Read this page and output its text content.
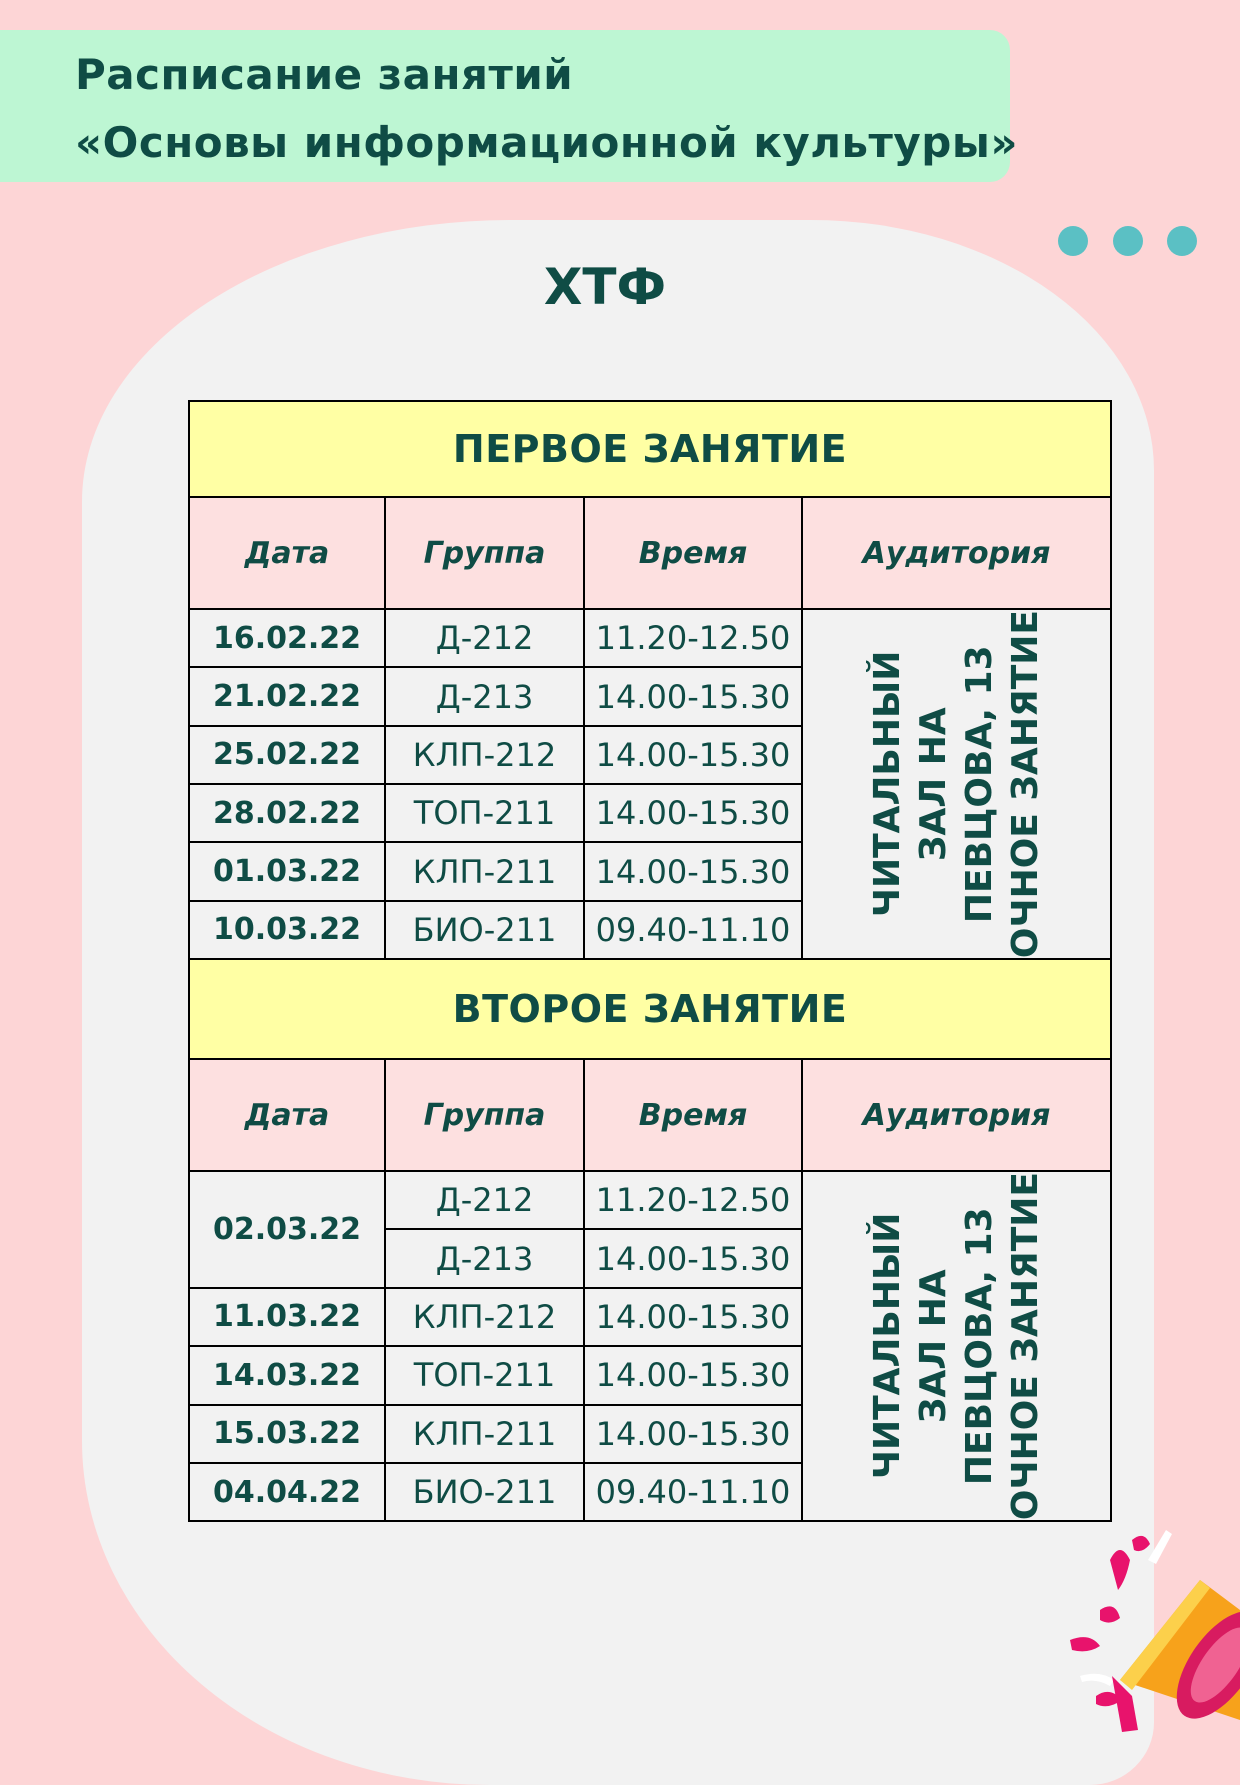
Расписание занятий
«Основы информационной культуры»
ХТФ
ПЕРВОЕ ЗАНЯТИЕ			
Дата	Группа	Время	Аудитория
16.02.22	Д-212	11.20-12.50	ЧИТАЛЬНЫЙ ЗАЛ НА ПЕВЦОВА, 13 ОЧНОЕ ЗАНЯТИЕ

21.02.22	Д-213	14.00-15.30	
25.02.22	КЛП-212	14.00-15.30	
28.02.22	ТОП-211	14.00-15.30	
01.03.22	КЛП-211	14.00-15.30	
10.03.22	БИО-211	09.40-11.10	
ВТОРОЕ ЗАНЯТИЕ			
Дата	Группа	Время	Аудитория
02.03.22	Д-212	11.20-12.50	ЧИТАЛЬНЫЙ ЗАЛ НА ПЕВЦОВА, 13 ОЧНОЕ ЗАНЯТИЕ

	Д-213	14.00-15.30	
11.03.22	КЛП-212	14.00-15.30	
14.03.22	ТОП-211	14.00-15.30	
15.03.22	КЛП-211	14.00-15.30	
04.04.22	БИО-211	09.40-11.10	
